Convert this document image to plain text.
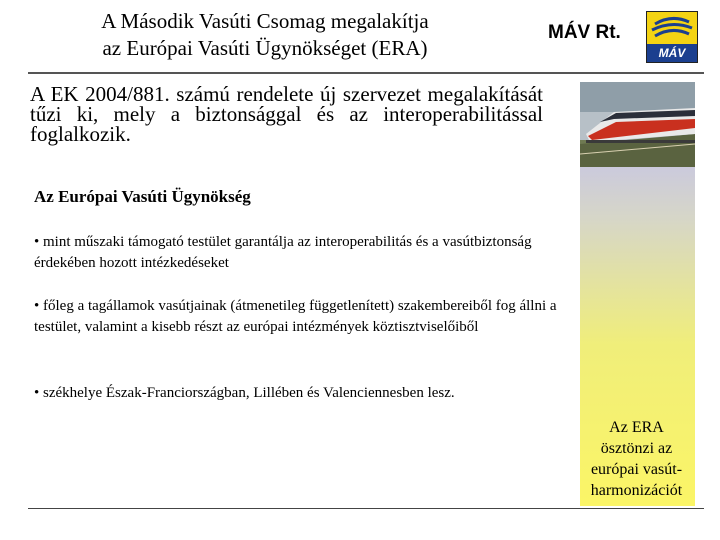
A Második Vasúti Csomag megalakítja
az Európai Vasúti Ügynökséget (ERA)
MÁV Rt.
MÁV
A EK 2004/881. számú rendelete új szervezet megalakítását tűzi ki, mely a biztonsággal és az interoperabilitással foglalkozik.
Az Európai Vasúti Ügynökség
• mint műszaki támogató testület garantálja az interoperabilitás és a vasútbiztonság érdekében hozott intézkedéseket
• főleg a tagállamok vasútjainak (átmenetileg függetlenített) szakembereiből fog állni a testület, valamint a kisebb részt az európai intézmények köztisztviselőiből
• székhelye Észak-Franciországban, Lillében és Valenciennesben lesz.
Az ERA
ösztönzi az
európai vasút-
harmonizációt
